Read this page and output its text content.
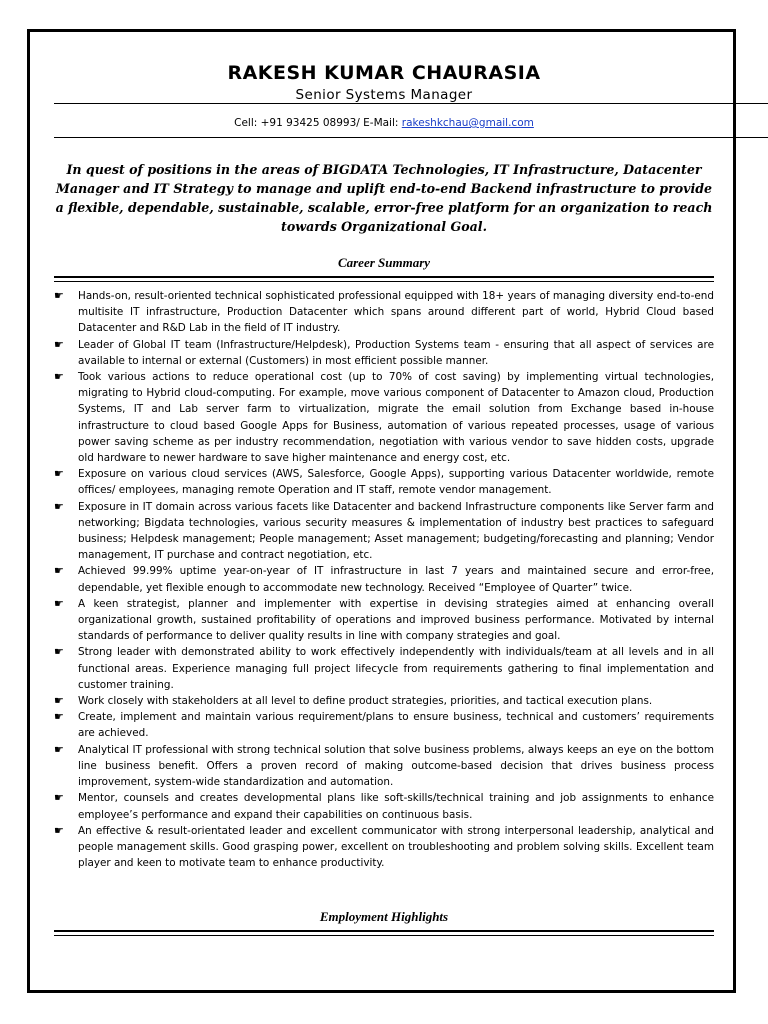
RAKESH KUMAR CHAURASIA
Senior Systems Manager
Cell: +91 93425 08993/ E-Mail: rakeshkchau@gmail.com
In quest of positions in the areas of BIGDATA Technologies, IT Infrastructure, Datacenter Manager and IT Strategy to manage and uplift end-to-end Backend infrastructure to provide a flexible, dependable, sustainable, scalable, error-free platform for an organization to reach towards Organizational Goal.
Career Summary
☛ Hands-on, result-oriented technical sophisticated professional equipped with 18+ years of managing diversity end-to-end multisite IT infrastructure, Production Datacenter which spans around different part of world, Hybrid Cloud based Datacenter and R&D Lab in the field of IT industry.
☛ Leader of Global IT team (Infrastructure/Helpdesk), Production Systems team - ensuring that all aspect of services are available to internal or external (Customers) in most efficient possible manner.
☛ Took various actions to reduce operational cost (up to 70% of cost saving) by implementing virtual technologies, migrating to Hybrid cloud-computing. For example, move various component of Datacenter to Amazon cloud, Production Systems, IT and Lab server farm to virtualization, migrate the email solution from Exchange based in-house infrastructure to cloud based Google Apps for Business, automation of various repeated processes, usage of various power saving scheme as per industry recommendation, negotiation with various vendor to save hidden costs, upgrade old hardware to newer hardware to save higher maintenance and energy cost, etc.
☛ Exposure on various cloud services (AWS, Salesforce, Google Apps), supporting various Datacenter worldwide, remote offices/ employees, managing remote Operation and IT staff, remote vendor management.
☛ Exposure in IT domain across various facets like Datacenter and backend Infrastructure components like Server farm and networking; Bigdata technologies, various security measures & implementation of industry best practices to safeguard business; Helpdesk management; People management; Asset management; budgeting/forecasting and planning; Vendor management, IT purchase and contract negotiation, etc.
☛ Achieved 99.99% uptime year-on-year of IT infrastructure in last 7 years and maintained secure and error-free, dependable, yet flexible enough to accommodate new technology. Received “Employee of Quarter” twice.
☛ A keen strategist, planner and implementer with expertise in devising strategies aimed at enhancing overall organizational growth, sustained profitability of operations and improved business performance. Motivated by internal standards of performance to deliver quality results in line with company strategies and goal.
☛ Strong leader with demonstrated ability to work effectively independently with individuals/team at all levels and in all functional areas. Experience managing full project lifecycle from requirements gathering to final implementation and customer training.
☛ Work closely with stakeholders at all level to define product strategies, priorities, and tactical execution plans.
☛ Create, implement and maintain various requirement/plans to ensure business, technical and customers’ requirements are achieved.
☛ Analytical IT professional with strong technical solution that solve business problems, always keeps an eye on the bottom line business benefit. Offers a proven record of making outcome-based decision that drives business process improvement, system-wide standardization and automation.
☛ Mentor, counsels and creates developmental plans like soft-skills/technical training and job assignments to enhance employee’s performance and expand their capabilities on continuous basis.
☛ An effective & result-orientated leader and excellent communicator with strong interpersonal leadership, analytical and people management skills. Good grasping power, excellent on troubleshooting and problem solving skills. Excellent team player and keen to motivate team to enhance productivity.
Employment Highlights
